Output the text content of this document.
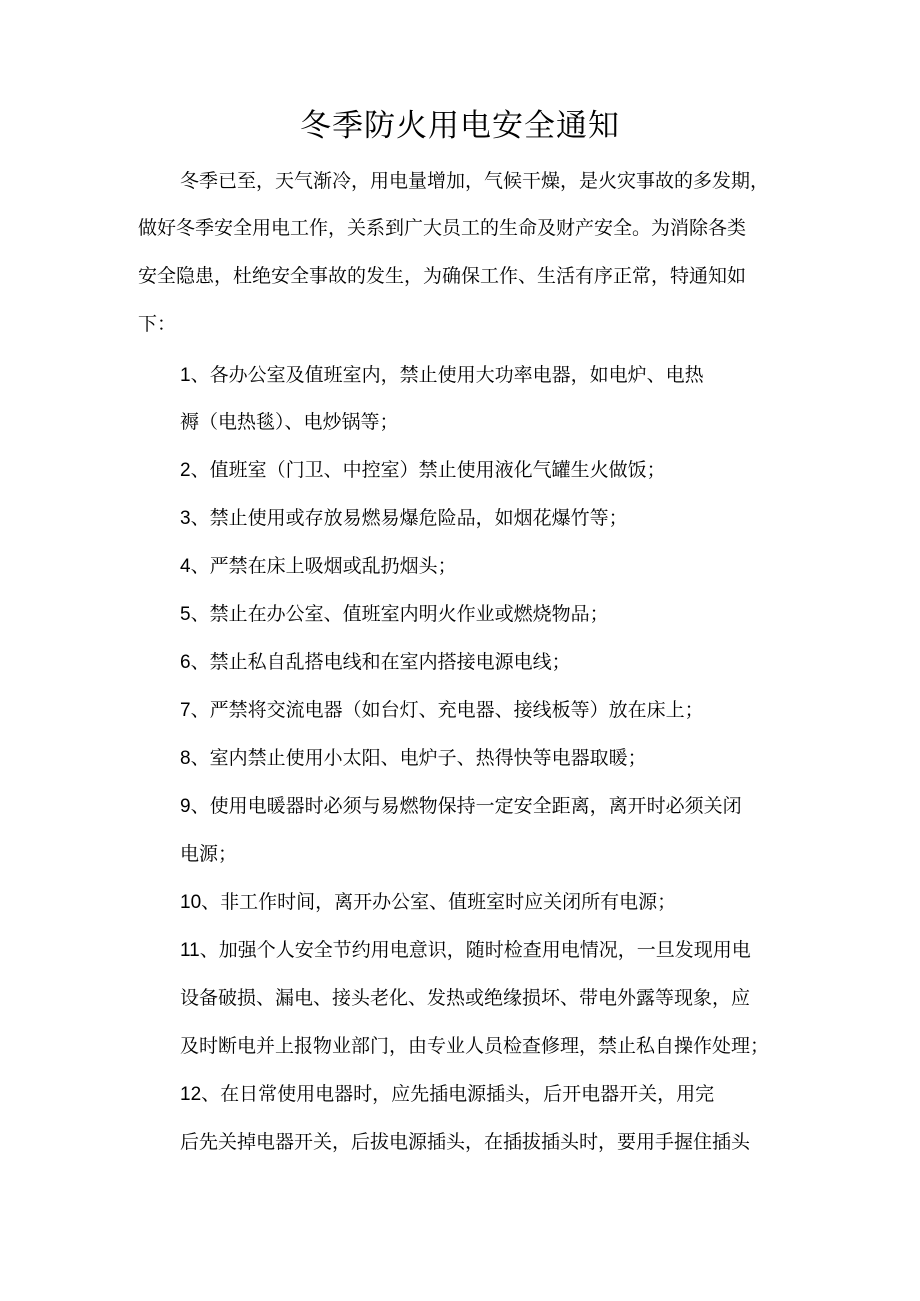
冬季防火用电安全通知

冬季已至，天气渐冷，用电量增加，气候干燥，是火灾事故的多发期，

做好冬季安全用电工作，关系到广大员工的生命及财产安全。为消除各类

安全隐患，杜绝安全事故的发生，为确保工作、生活有序正常，特通知如

下：

1、各办公室及值班室内，禁止使用大功率电器，如电炉、电热

褥（电热毯）、电炒锅等；

2、值班室（门卫、中控室）禁止使用液化气罐生火做饭；

3、禁止使用或存放易燃易爆危险品，如烟花爆竹等；

4、严禁在床上吸烟或乱扔烟头；

5、禁止在办公室、值班室内明火作业或燃烧物品；

6、禁止私自乱搭电线和在室内搭接电源电线；

7、严禁将交流电器（如台灯、充电器、接线板等）放在床上；

8、室内禁止使用小太阳、电炉子、热得快等电器取暖；

9、使用电暖器时必须与易燃物保持一定安全距离，离开时必须关闭

电源；

10、非工作时间，离开办公室、值班室时应关闭所有电源；

11、加强个人安全节约用电意识，随时检查用电情况，一旦发现用电

设备破损、漏电、接头老化、发热或绝缘损坏、带电外露等现象，应

及时断电并上报物业部门，由专业人员检查修理，禁止私自操作处理；

12、在日常使用电器时，应先插电源插头，后开电器开关，用完

后先关掉电器开关，后拔电源插头，在插拔插头时，要用手握住插头
